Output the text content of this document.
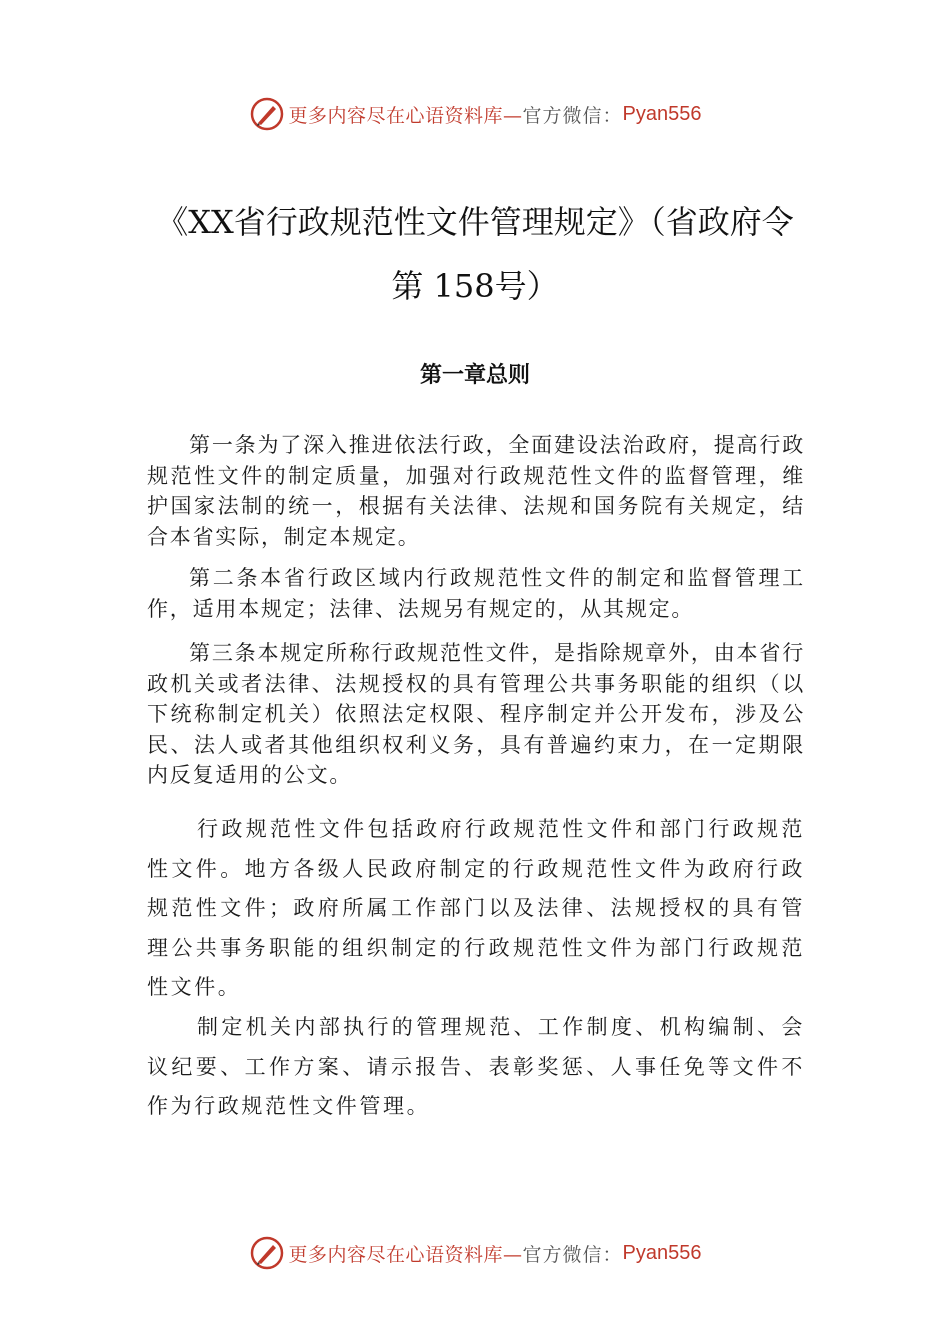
更多内容尽在心语资料库— 官方微信： Pyan556
《XX省行政规范性文件管理规定》（省政府令第 158号）
第一章总则

第一条为了深入推进依法行政，全面建设法治政府，提高行政规范性文件的制定质量，加强对行政规范性文件的监督管理，维护国家法制的统一，根据有关法律、法规和国务院有关规定，结合本省实际，制定本规定。

第二条本省行政区域内行政规范性文件的制定和监督管理工作，适用本规定；法律、法规另有规定的，从其规定。

第三条本规定所称行政规范性文件，是指除规章外，由本省行政机关或者法律、法规授权的具有管理公共事务职能的组织（以下统称制定机关）依照法定权限、程序制定并公开发布，涉及公民、法人或者其他组织权利义务，具有普遍约束力，在一定期限内反复适用的公文。

行政规范性文件包括政府行政规范性文件和部门行政规范性文件。地方各级人民政府制定的行政规范性文件为政府行政规范性文件；政府所属工作部门以及法律、法规授权的具有管理公共事务职能的组织制定的行政规范性文件为部门行政规范性文件。

制定机关内部执行的管理规范、工作制度、机构编制、会议纪要、工作方案、请示报告、表彰奖惩、人事任免等文件不作为行政规范性文件管理。

更多内容尽在心语资料库— 官方微信： Pyan556
